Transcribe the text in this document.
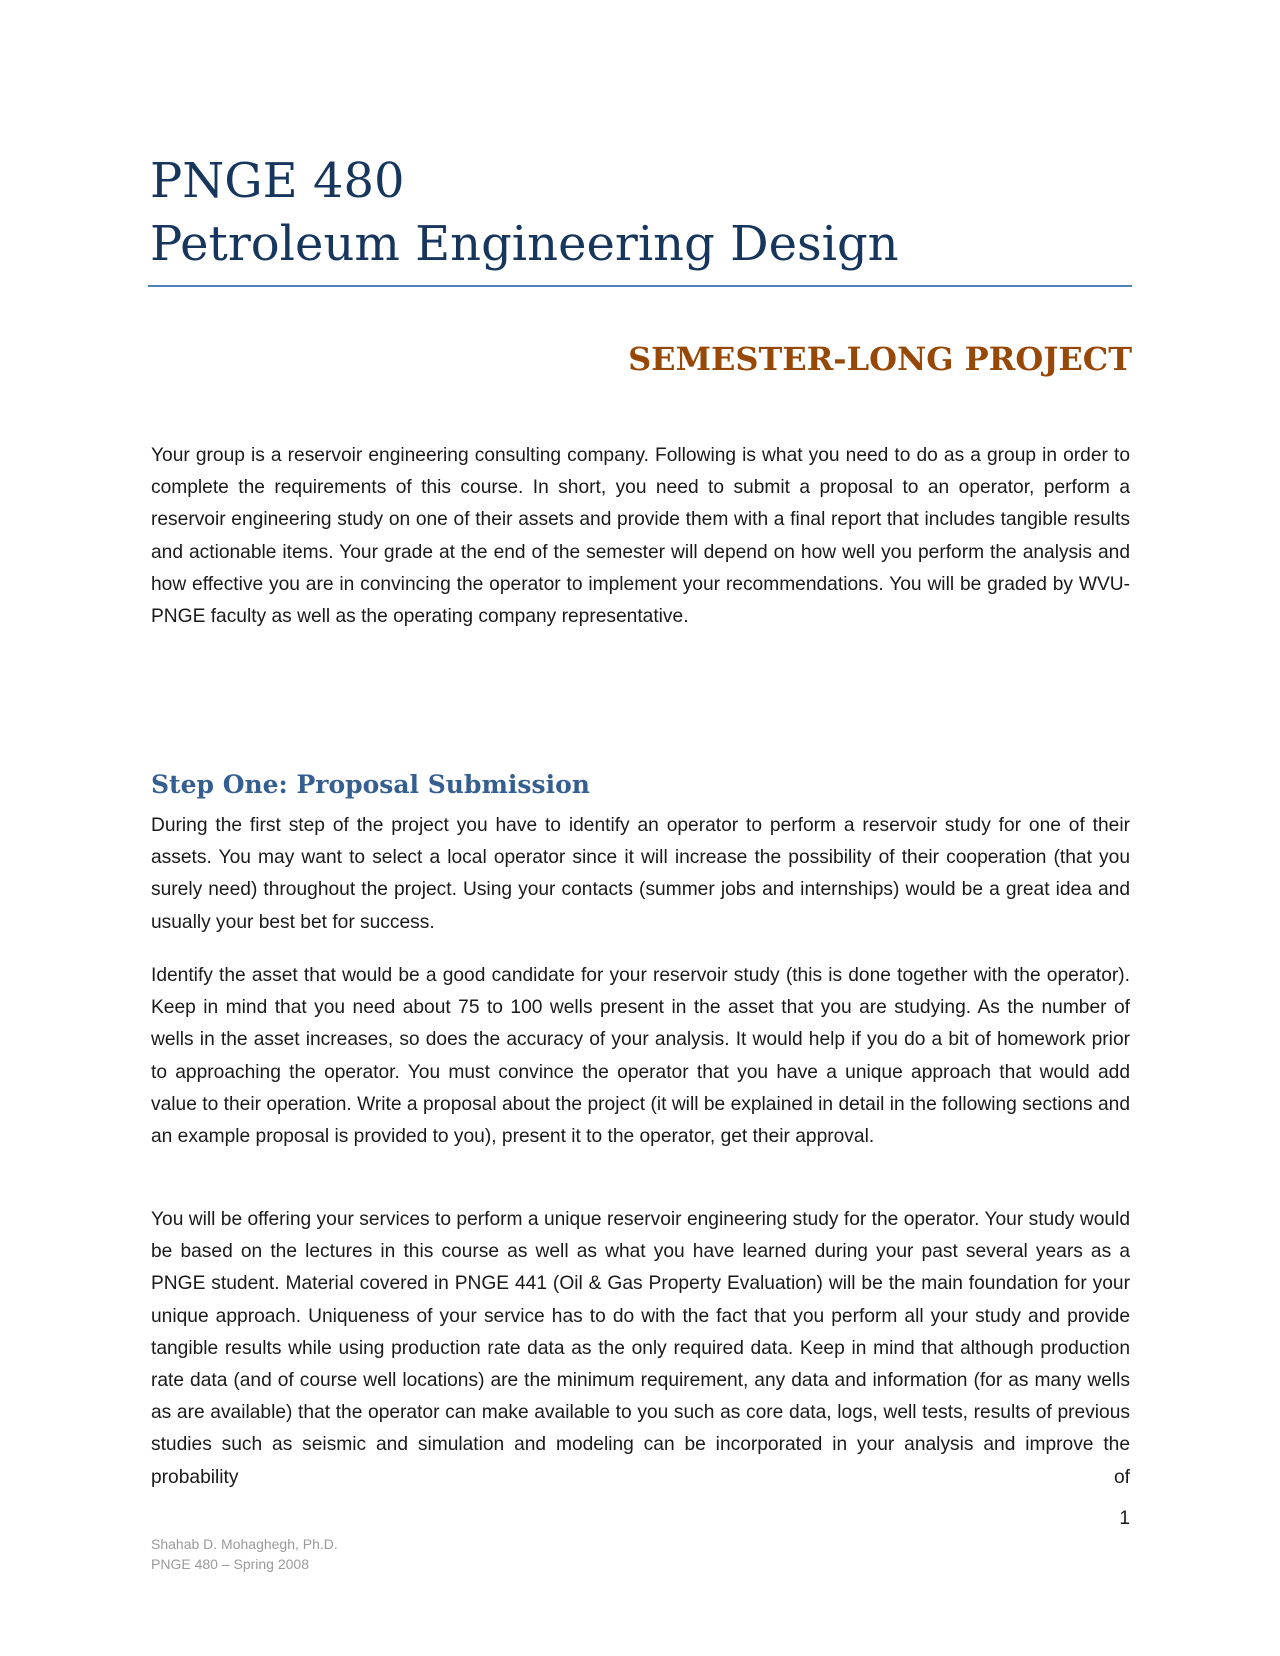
PNGE 480

Petroleum Engineering Design

SEMESTER-LONG PROJECT

Your group is a reservoir engineering consulting company. Following is what you need to do as a group in order to complete the requirements of this course. In short, you need to submit a proposal to an operator, perform a reservoir engineering study on one of their assets and provide them with a final report that includes tangible results and actionable items. Your grade at the end of the semester will depend on how well you perform the analysis and how effective you are in convincing the operator to implement your recommendations. You will be graded by WVU-PNGE faculty as well as the operating company representative.

Step One: Proposal Submission

During the first step of the project you have to identify an operator to perform a reservoir study for one of their assets. You may want to select a local operator since it will increase the possibility of their cooperation (that you surely need) throughout the project. Using your contacts (summer jobs and internships) would be a great idea and usually your best bet for success.

Identify the asset that would be a good candidate for your reservoir study (this is done together with the operator). Keep in mind that you need about 75 to 100 wells present in the asset that you are studying. As the number of wells in the asset increases, so does the accuracy of your analysis. It would help if you do a bit of homework prior to approaching the operator. You must convince the operator that you have a unique approach that would add value to their operation. Write a proposal about the project (it will be explained in detail in the following sections and an example proposal is provided to you), present it to the operator, get their approval.

You will be offering your services to perform a unique reservoir engineering study for the operator. Your study would be based on the lectures in this course as well as what you have learned during your past several years as a PNGE student. Material covered in PNGE 441 (Oil & Gas Property Evaluation) will be the main foundation for your unique approach. Uniqueness of your service has to do with the fact that you perform all your study and provide tangible results while using production rate data as the only required data. Keep in mind that although production rate data (and of course well locations) are the minimum requirement, any data and information (for as many wells as are available) that the operator can make available to you such as core data, logs, well tests, results of previous studies such as seismic and simulation and modeling can be incorporated in your analysis and improve the probability of

1
Shahab D. Mohaghegh, Ph.D.
PNGE 480 – Spring 2008
